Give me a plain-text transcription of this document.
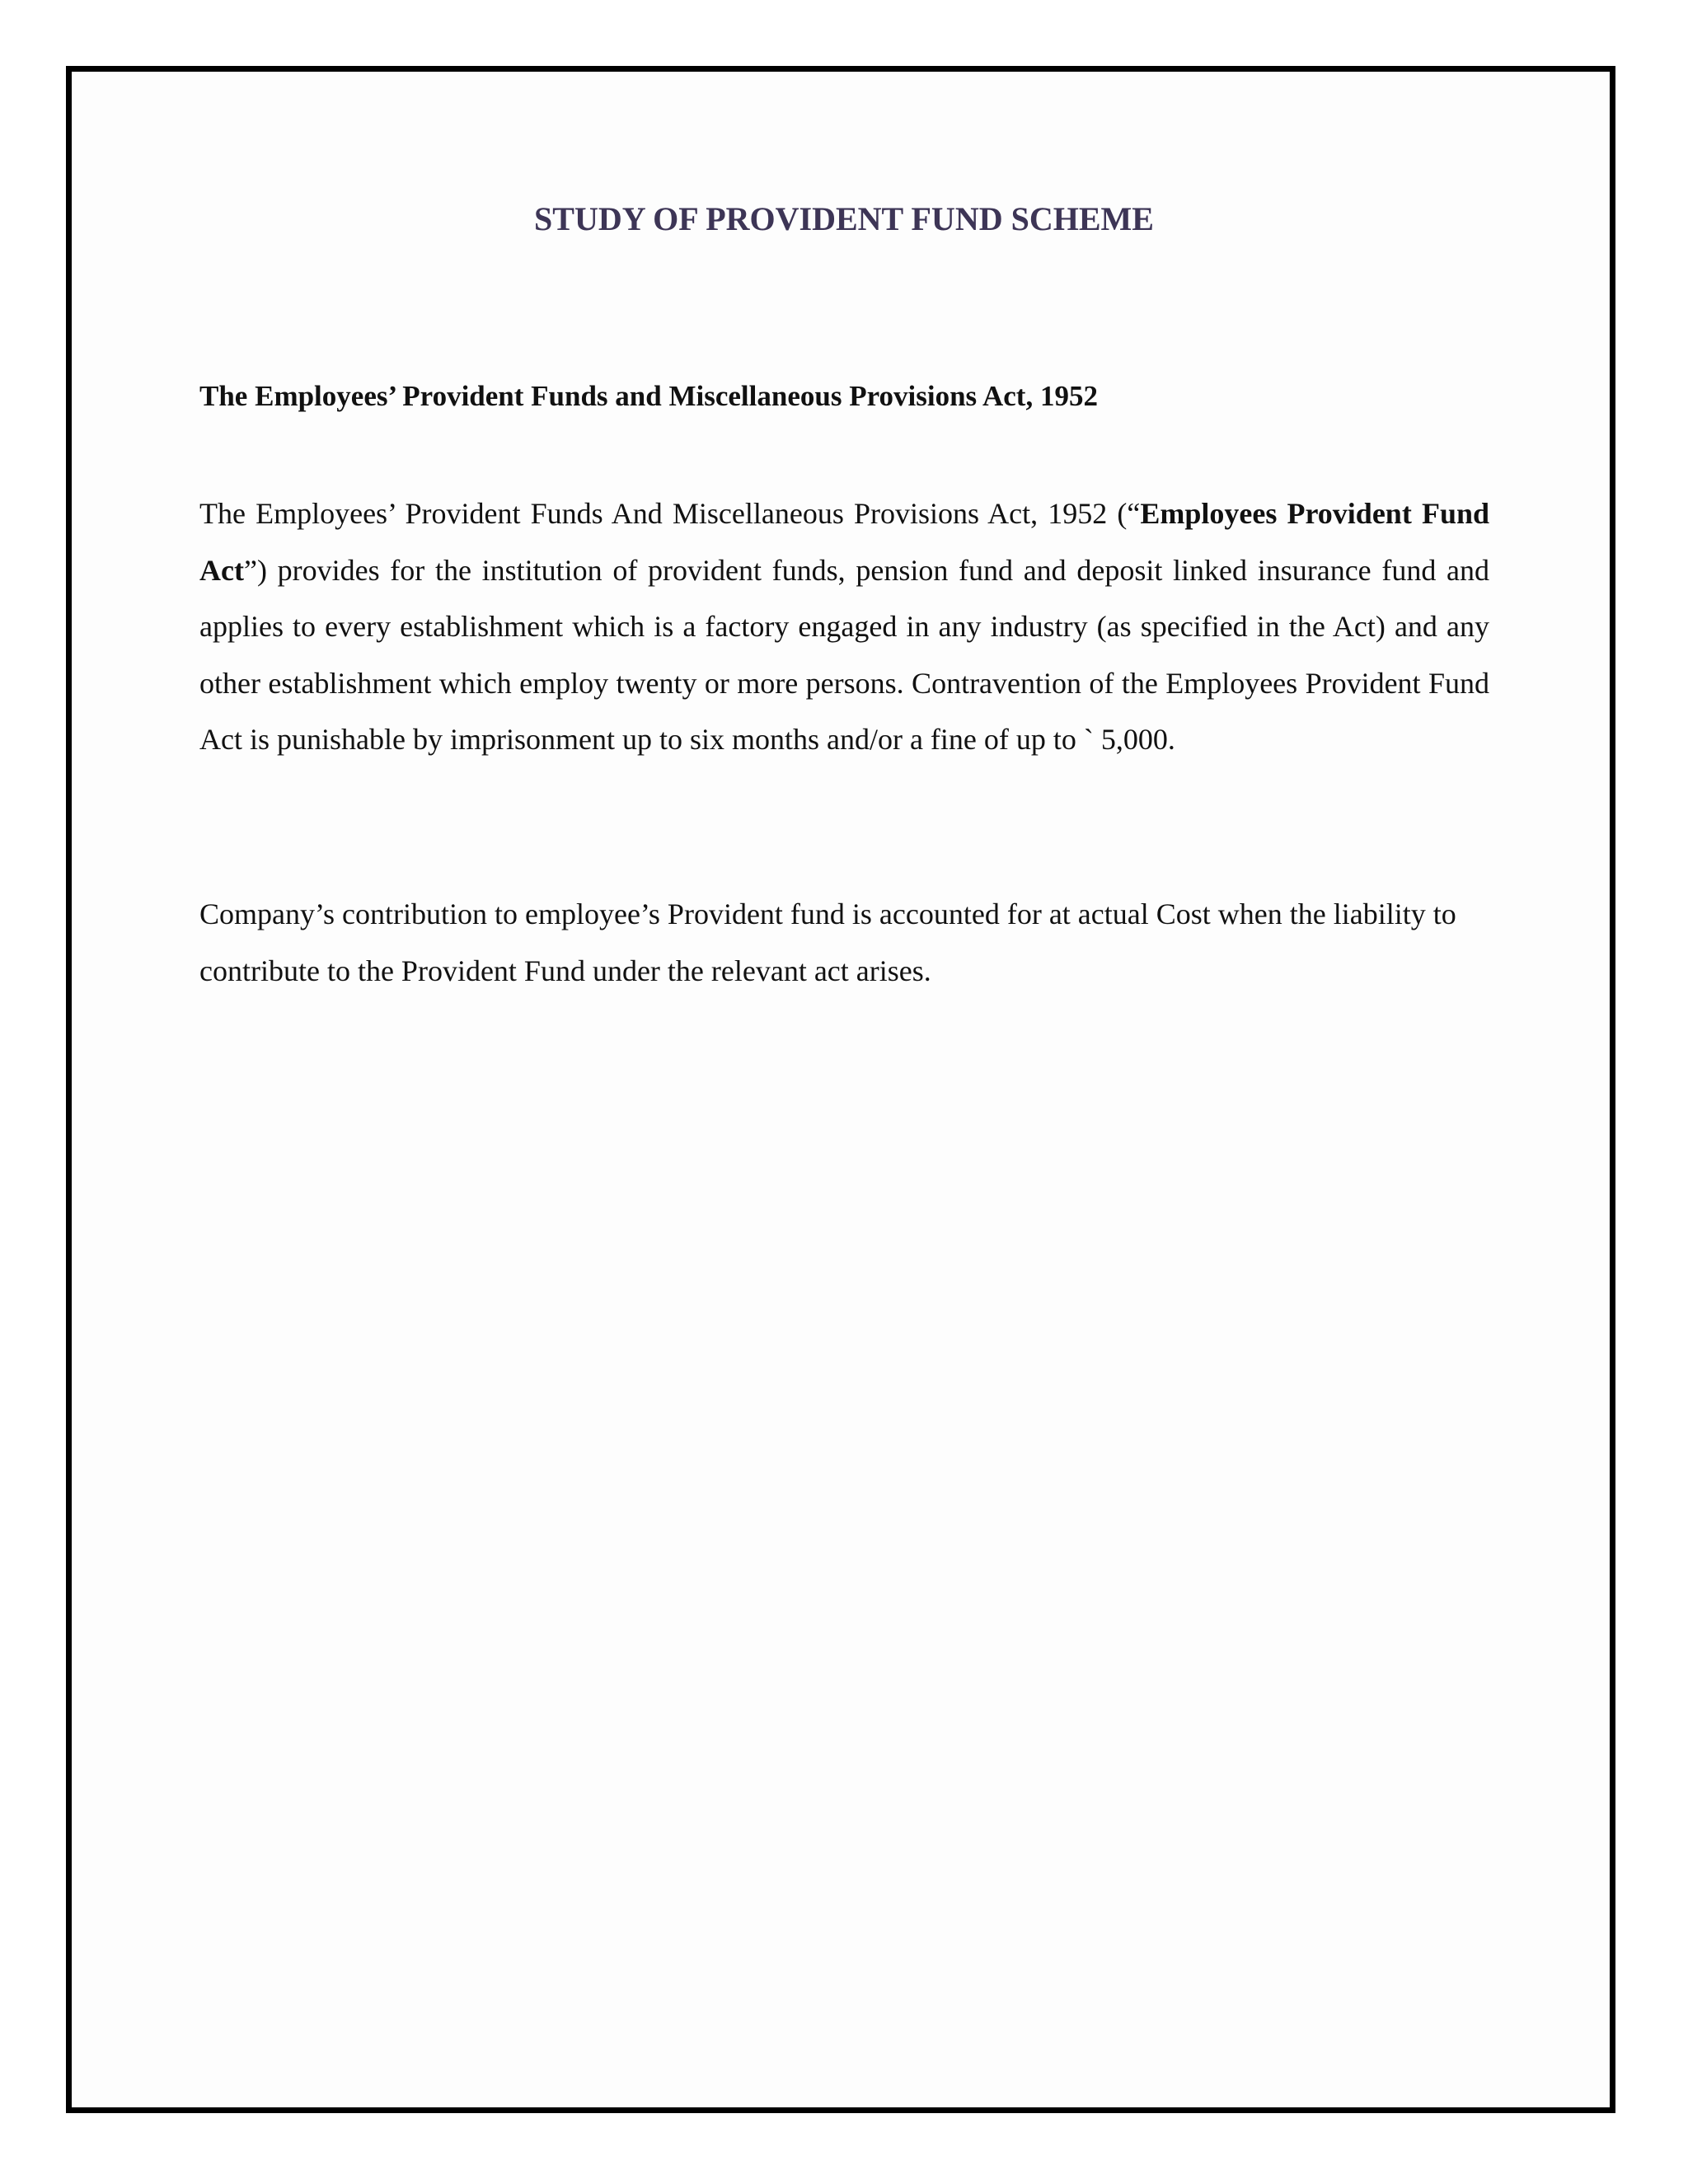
STUDY OF PROVIDENT FUND SCHEME
The Employees’ Provident Funds and Miscellaneous Provisions Act, 1952

The Employees’ Provident Funds And Miscellaneous Provisions Act, 1952 (“Employees Provident Fund Act”) provides for the institution of provident funds, pension fund and deposit linked insurance fund and applies to every establishment which is a factory engaged in any industry (as specified in the Act) and any other establishment which employ twenty or more persons. Contravention of the Employees Provident Fund Act is punishable by imprisonment up to six months and/or a fine of up to ` 5,000.

Company’s contribution to employee’s Provident fund is accounted for at actual Cost when the liability to contribute to the Provident Fund under the relevant act arises.
